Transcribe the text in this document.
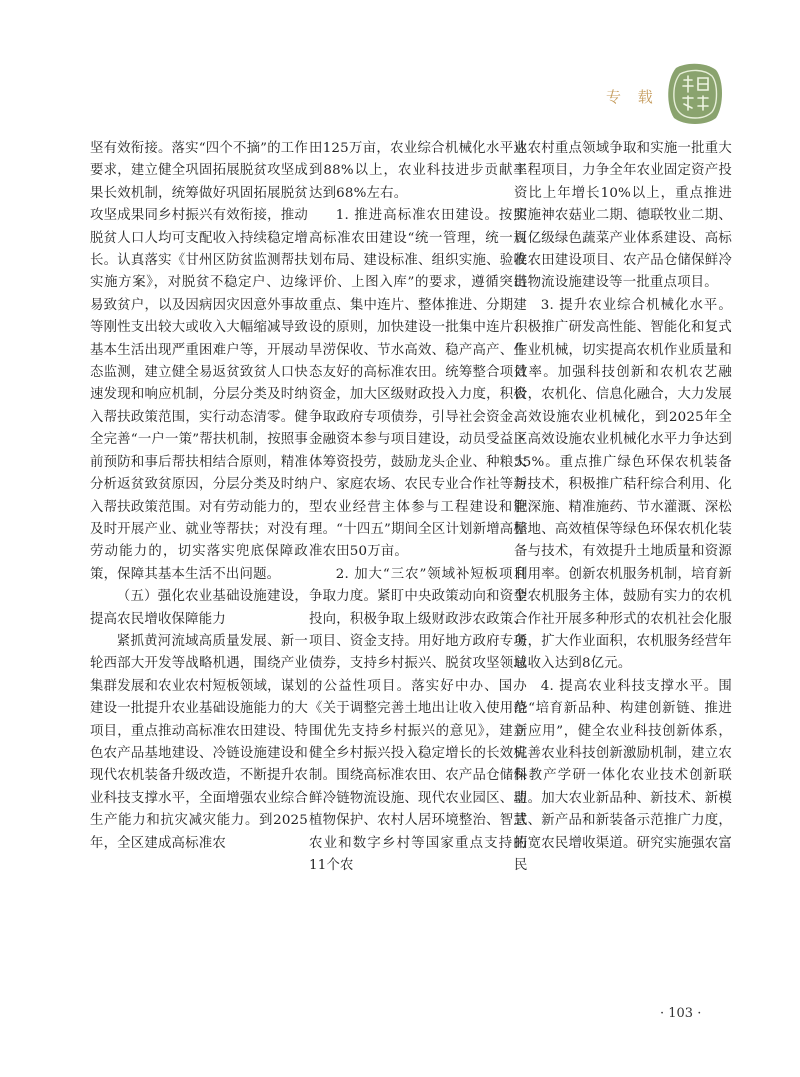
专 载

坚有效衔接。落实“四个不摘”的工作要求，建立健全巩固拓展脱贫攻坚成果长效机制，统筹做好巩固拓展脱贫攻坚成果同乡村振兴有效衔接，推动脱贫人口人均可支配收入持续稳定增长。认真落实《甘州区防贫监测帮扶实施方案》，对脱贫不稳定户、边缘易致贫户，以及因病因灾因意外事故等刚性支出较大或收入大幅缩减导致基本生活出现严重困难户等，开展动态监测，建立健全易返贫致贫人口快速发现和响应机制，分层分类及时纳入帮扶政策范围，实行动态清零。健全完善“一户一策”帮扶机制，按照事前预防和事后帮扶相结合原则，精准分析返贫致贫原因，分层分类及时纳入帮扶政策范围。对有劳动能力的，及时开展产业、就业等帮扶；对没有劳动能力的，切实落实兜底保障政策，保障其基本生活不出问题。

（五）强化农业基础设施建设，提高农民增收保障能力

紧抓黄河流域高质量发展、新一轮西部大开发等战略机遇，围绕产业集群发展和农业农村短板领域，谋划建设一批提升农业基础设施能力的大项目，重点推动高标准农田建设、特色农产品基地建设、冷链设施建设和现代农机装备升级改造，不断提升农业科技支撑水平，全面增强农业综合生产能力和抗灾减灾能力。到2025年，全区建成高标准农

田125万亩，农业综合机械化水平达到88%以上，农业科技进步贡献率达到68%左右。

1. 推进高标准农田建设。按照高标准农田建设“统一管理，统一规划布局、建设标准、组织实施、验收评价、上图入库”的要求，遵循突出重点、集中连片、整体推进、分期建设的原则，加快建设一批集中连片、旱涝保收、节水高效、稳产高产、生态友好的高标准农田。统筹整合项目资金，加大区级财政投入力度，积极争取政府专项债券，引导社会资金、金融资本参与项目建设，动员受益主体筹资投劳，鼓励龙头企业、种粮大户、家庭农场、农民专业合作社等新型农业经营主体参与工程建设和管理。“十四五”期间全区计划新增高标准农田50万亩。

2. 加大“三农”领域补短板项目争取力度。紧盯中央政策动向和资金投向，积极争取上级财政涉农政策、项目、资金支持。用好地方政府专项债券，支持乡村振兴、脱贫攻坚领域的公益性项目。落实好中办、国办《关于调整完善土地出让收入使用范围优先支持乡村振兴的意见》，建立健全乡村振兴投入稳定增长的长效机制。围绕高标准农田、农产品仓储保鲜冷链物流设施、现代农业园区、动植物保护、农村人居环境整治、智慧农业和数字乡村等国家重点支持的11个农

业农村重点领域争取和实施一批重大工程项目，力争全年农业固定资产投资比上年增长10%以上，重点推进实施神农菇业二期、德联牧业二期、百亿级绿色蔬菜产业体系建设、高标准农田建设项目、农产品仓储保鲜冷链物流设施建设等一批重点项目。

3. 提升农业综合机械化水平。积极推广研发高性能、智能化和复式作业机械，切实提高农机作业质量和效率。加强科技创新和农机农艺融合，农机化、信息化融合，大力发展高效设施农业机械化，到2025年全区高效设施农业机械化水平力争达到55%。重点推广绿色环保农机装备与技术，积极推广秸秆综合利用、化肥深施、精准施药、节水灌溉、深松整地、高效植保等绿色环保农机化装备与技术，有效提升土地质量和资源利用率。创新农机服务机制，培育新型农机服务主体，鼓励有实力的农机合作社开展多种形式的农机社会化服务，扩大作业面积，农机服务经营年总收入达到8亿元。

4. 提高农业科技支撑水平。围绕“培育新品种、构建创新链、推进新应用”，健全农业科技创新体系，完善农业科技创新激励机制，建立农科教产学研一体化农业技术创新联盟。加大农业新品种、新技术、新模式、新产品和新装备示范推广力度，拓宽农民增收渠道。研究实施强农富民

· 103 ·
